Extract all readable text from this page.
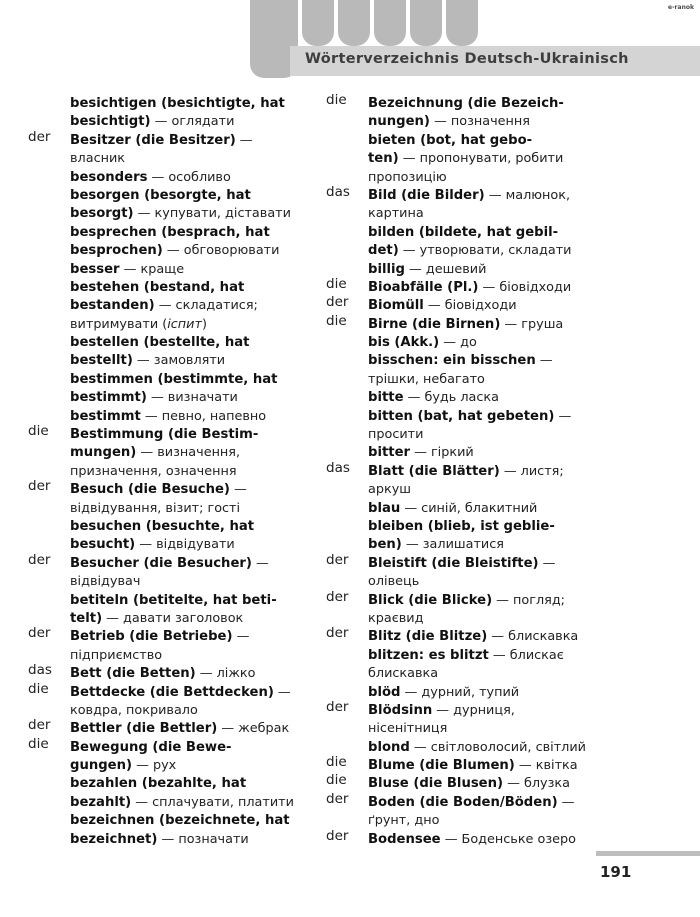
Wörterverzeichnis Deutsch-Ukrainisch
e-ranok
besichtigen (besichtigte, hat
besichtigt) — оглядати
der Besitzer (die Besitzer) —
власник
besonders — особливо
besorgen (besorgte, hat
besorgt) — купувати, діставати
besprechen (besprach, hat
besprochen) — обговорювати
besser — краще
bestehen (bestand, hat
bestanden) — складатися;
витримувати (іспит)
bestellen (bestellte, hat
bestellt) — замовляти
bestimmen (bestimmte, hat
bestimmt) — визначати
bestimmt — певно, напевно
die Bestimmung (die Bestim-
mungen) — визначення,
призначення, означення
der Besuch (die Besuche) —
відвідування, візит; гості
besuchen (besuchte, hat
besucht) — відвідувати
der Besucher (die Besucher) —
відвідувач
betiteln (betitelte, hat beti-
telt) — давати заголовок
der Betrieb (die Betriebe) —
підприємство
das Bett (die Betten) — ліжко
die Bettdecke (die Bettdecken) —
ковдра, покривало
der Bettler (die Bettler) — жебрак
die Bewegung (die Bewe-
gungen) — рух
bezahlen (bezahlte, hat
bezahlt) — сплачувати, платити
bezeichnen (bezeichnete, hat
bezeichnet) — позначати
die Bezeichnung (die Bezeich-
nungen) — позначення
bieten (bot, hat gebo-
ten) — пропонувати, робити
пропозицію
das Bild (die Bilder) — малюнок,
картина
bilden (bildete, hat gebil-
det) — утворювати, складати
billig — дешевий
die Bioabfälle (Pl.) — біовідходи
der Biomüll — біовідходи
die Birne (die Birnen) — груша
bis (Akk.) — до
bisschen: ein bisschen —
трішки, небагато
bitte — будь ласка
bitten (bat, hat gebeten) —
просити
bitter — гіркий
das Blatt (die Blätter) — листя;
аркуш
blau — синій, блакитний
bleiben (blieb, ist geblie-
ben) — залишатися
der Bleistift (die Bleistifte) —
олівець
der Blick (die Blicke) — погляд;
краєвид
der Blitz (die Blitze) — блискавка
blitzen: es blitzt — блискає
блискавка
blöd — дурний, тупий
der Blödsinn — дурниця,
нісенітниця
blond — світловолосий, світлий
die Blume (die Blumen) — квітка
die Bluse (die Blusen) — блузка
der Boden (die Boden/Böden) —
ґрунт, дно
der Bodensee — Боденське озеро
191
